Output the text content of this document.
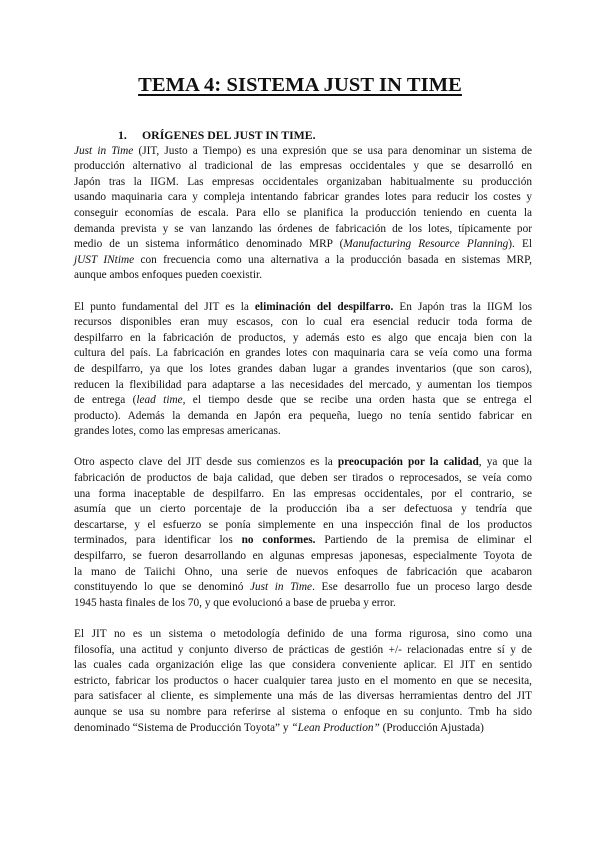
TEMA 4: SISTEMA JUST IN TIME
1. ORÍGENES DEL JUST IN TIME.

Just in Time (JIT, Justo a Tiempo) es una expresión que se usa para denominar un sistema de
producción alternativo al tradicional de las empresas occidentales y que se desarrolló en
Japón tras la IIGM. Las empresas occidentales organizaban habitualmente su producción
usando maquinaria cara y compleja intentando fabricar grandes lotes para reducir los costes y
conseguir economías de escala. Para ello se planifica la producción teniendo en cuenta la
demanda prevista y se van lanzando las órdenes de fabricación de los lotes, típicamente por
medio de un sistema informático denominado MRP (Manufacturing Resource Planning). El
jUST INtime con frecuencia como una alternativa a la producción basada en sistemas MRP,
aunque ambos enfoques pueden coexistir.

El punto fundamental del JIT es la eliminación del despilfarro. En Japón tras la IIGM los
recursos disponibles eran muy escasos, con lo cual era esencial reducir toda forma de
despilfarro en la fabricación de productos, y además esto es algo que encaja bien con la
cultura del país. La fabricación en grandes lotes con maquinaria cara se veía como una forma
de despilfarro, ya que los lotes grandes daban lugar a grandes inventarios (que son caros),
reducen la flexibilidad para adaptarse a las necesidades del mercado, y aumentan los tiempos
de entrega (lead time, el tiempo desde que se recibe una orden hasta que se entrega el
producto). Además la demanda en Japón era pequeña, luego no tenía sentido fabricar en
grandes lotes, como las empresas americanas.

Otro aspecto clave del JIT desde sus comienzos es la preocupación por la calidad, ya que la
fabricación de productos de baja calidad, que deben ser tirados o reprocesados, se veía como
una forma inaceptable de despilfarro. En las empresas occidentales, por el contrario, se
asumía que un cierto porcentaje de la producción iba a ser defectuosa y tendría que
descartarse, y el esfuerzo se ponía simplemente en una inspección final de los productos
terminados, para identificar los no conformes. Partiendo de la premisa de eliminar el
despilfarro, se fueron desarrollando en algunas empresas japonesas, especialmente Toyota de
la mano de Taiichi Ohno, una serie de nuevos enfoques de fabricación que acabaron
constituyendo lo que se denominó Just in Time. Ese desarrollo fue un proceso largo desde
1945 hasta finales de los 70, y que evolucionó a base de prueba y error.

El JIT no es un sistema o metodología definido de una forma rigurosa, sino como una
filosofía, una actitud y conjunto diverso de prácticas de gestión +/- relacionadas entre sí y de
las cuales cada organización elige las que considera conveniente aplicar. El JIT en sentido
estricto, fabricar los productos o hacer cualquier tarea justo en el momento en que se necesita,
para satisfacer al cliente, es simplemente una más de las diversas herramientas dentro del JIT
aunque se usa su nombre para referirse al sistema o enfoque en su conjunto. Tmb ha sido
denominado “Sistema de Producción Toyota” y “Lean Production” (Producción Ajustada)
